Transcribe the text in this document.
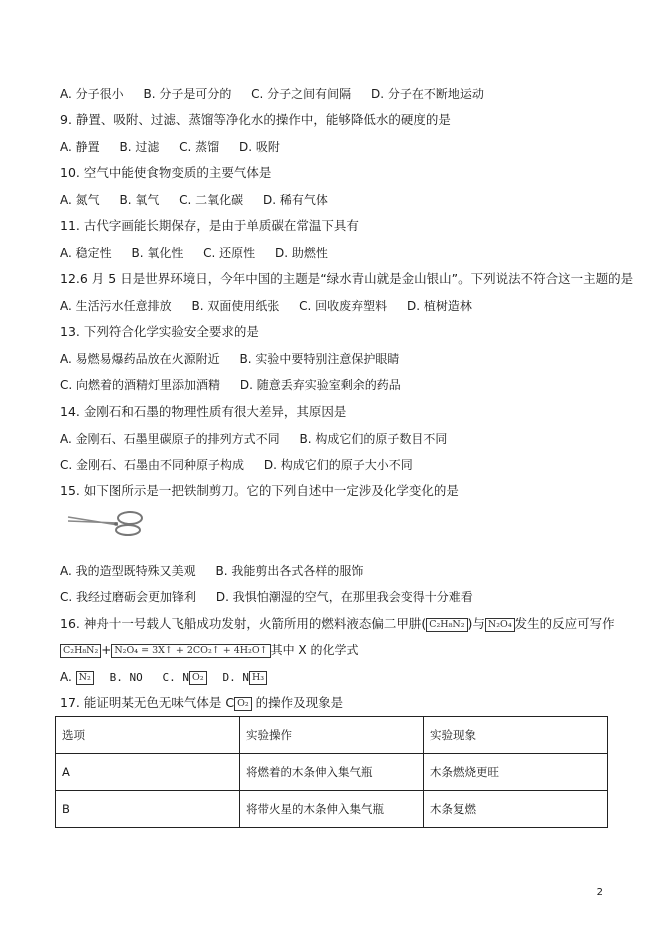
A. 分子很小 B. 分子是可分的 C. 分子之间有间隔 D. 分子在不断地运动
9. 静置、吸附、过滤、蒸馏等净化水的操作中，能够降低水的硬度的是
A. 静置 B. 过滤 C. 蒸馏 D. 吸附
10. 空气中能使食物变质的主要气体是
A. 氮气 B. 氧气 C. 二氧化碳 D. 稀有气体
11. 古代字画能长期保存，是由于单质碳在常温下具有
A. 稳定性 B. 氧化性 C. 还原性 D. 助燃性
12.6 月 5 日是世界环境日，今年中国的主题是“绿水青山就是金山银山”。下列说法不符合这一主题的是
A. 生活污水任意排放 B. 双面使用纸张 C. 回收废弃塑料 D. 植树造林
13. 下列符合化学实验安全要求的是
A. 易燃易爆药品放在火源附近 B. 实验中要特别注意保护眼睛
C. 向燃着的酒精灯里添加酒精 D. 随意丢弃实验室剩余的药品
14. 金刚石和石墨的物理性质有很大差异，其原因是
A. 金刚石、石墨里碳原子的排列方式不同 B. 构成它们的原子数目不同
C. 金刚石、石墨由不同种原子构成 D. 构成它们的原子大小不同
15. 如下图所示是一把铁制剪刀。它的下列自述中一定涉及化学变化的是
A. 我的造型既特殊又美观 B. 我能剪出各式各样的服饰
C. 我经过磨砺会更加锋利 D. 我惧怕潮湿的空气，在那里我会变得十分难看
16. 神舟十一号载人飞船成功发射，火箭所用的燃料液态偏二甲肼( C₂H₈N₂ )与 N₂O₄ 发生的反应可写作
C₂H₈N₂ + N₂O₄ = 3X↑ + 2CO₂↑ + 4H₂O↑ 其中 X 的化学式
A. N₂ B. NO C. N O₂ D. N H₃
17. 能证明某无色无味气体是 C O₂ 的操作及现象是
选项	实验操作	实验现象
A	将燃着的木条伸入集气瓶	木条燃烧更旺
B	将带火星的木条伸入集气瓶	木条复燃
2
